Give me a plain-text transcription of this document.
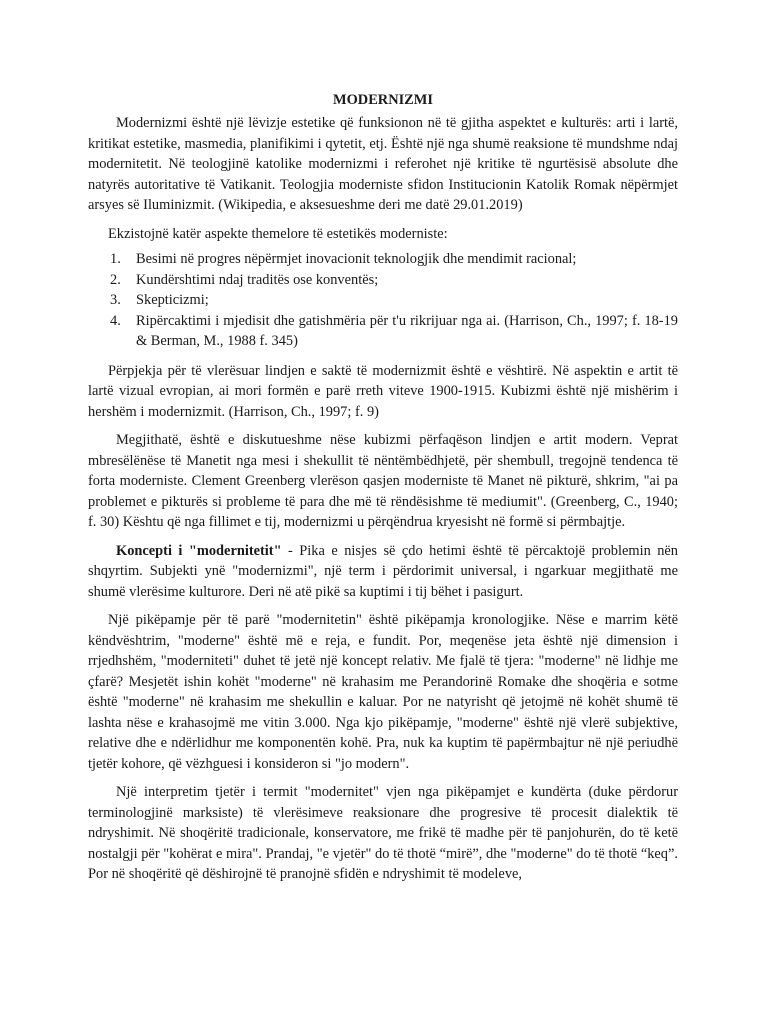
MODERNIZMI

Modernizmi është një lëvizje estetike që funksionon në të gjitha aspektet e kulturës: arti i lartë, kritikat estetike, masmedia, planifikimi i qytetit, etj. Është një nga shumë reaksione të mundshme ndaj modernitetit. Në teologjinë katolike modernizmi i referohet një kritike të ngurtësisë absolute dhe natyrës autoritative të Vatikanit. Teologjia moderniste sfidon Institucionin Katolik Romak nëpërmjet arsyes së Iluminizmit. (Wikipedia, e aksesueshme deri me datë 29.01.2019)

Ekzistojnë katër aspekte themelore të estetikës moderniste:

1. Besimi në progres nëpërmjet inovacionit teknologjik dhe mendimit racional;
2. Kundërshtimi ndaj traditës ose konventës;
3. Skepticizmi;
4. Ripërcaktimi i mjedisit dhe gatishmëria për t'u rikrijuar nga ai. (Harrison, Ch., 1997; f. 18-19 & Berman, M., 1988 f. 345)

Përpjekja për të vlerësuar lindjen e saktë të modernizmit është e vështirë. Në aspektin e artit të lartë vizual evropian, ai mori formën e parë rreth viteve 1900-1915. Kubizmi është një mishërim i hershëm i modernizmit. (Harrison, Ch., 1997; f. 9)

Megjithatë, është e diskutueshme nëse kubizmi përfaqëson lindjen e artit modern. Veprat mbresëlënëse të Manetit nga mesi i shekullit të nëntëmbëdhjetë, për shembull, tregojnë tendenca të forta moderniste. Clement Greenberg vlerëson qasjen moderniste të Manet në pikturë, shkrim, "ai pa problemet e pikturës si probleme të para dhe më të rëndësishme të mediumit". (Greenberg, C., 1940; f. 30) Kështu që nga fillimet e tij, modernizmi u përqëndrua kryesisht në formë si përmbajtje.

Koncepti i "modernitetit" - Pika e nisjes së çdo hetimi është të përcaktojë problemin nën shqyrtim. Subjekti ynë "modernizmi", një term i përdorimit universal, i ngarkuar megjithatë me shumë vlerësime kulturore. Deri në atë pikë sa kuptimi i tij bëhet i pasigurt.

Një pikëpamje për të parë "modernitetin" është pikëpamja kronologjike. Nëse e marrim këtë këndvështrim, "moderne" është më e reja, e fundit. Por, meqenëse jeta është një dimension i rrjedhshëm, "moderniteti" duhet të jetë një koncept relativ. Me fjalë të tjera: "moderne" në lidhje me çfarë? Mesjetët ishin kohët "moderne" në krahasim me Perandorinë Romake dhe shoqëria e sotme është "moderne" në krahasim me shekullin e kaluar. Por ne natyrisht që jetojmë në kohët shumë të lashta nëse e krahasojmë me vitin 3.000. Nga kjo pikëpamje, "moderne" është një vlerë subjektive, relative dhe e ndërlidhur me komponentën kohë. Pra, nuk ka kuptim të papërmbajtur në një periudhë tjetër kohore, që vëzhguesi i konsideron si "jo modern".

Një interpretim tjetër i termit "modernitet" vjen nga pikëpamjet e kundërta (duke përdorur terminologjinë marksiste) të vlerësimeve reaksionare dhe progresive të procesit dialektik të ndryshimit. Në shoqëritë tradicionale, konservatore, me frikë të madhe për të panjohurën, do të ketë nostalgji për "kohërat e mira". Prandaj, "e vjetër" do të thotë “mirë”, dhe "moderne" do të thotë “keq”. Por në shoqëritë që dëshirojnë të pranojnë sfidën e ndryshimit të modeleve,
